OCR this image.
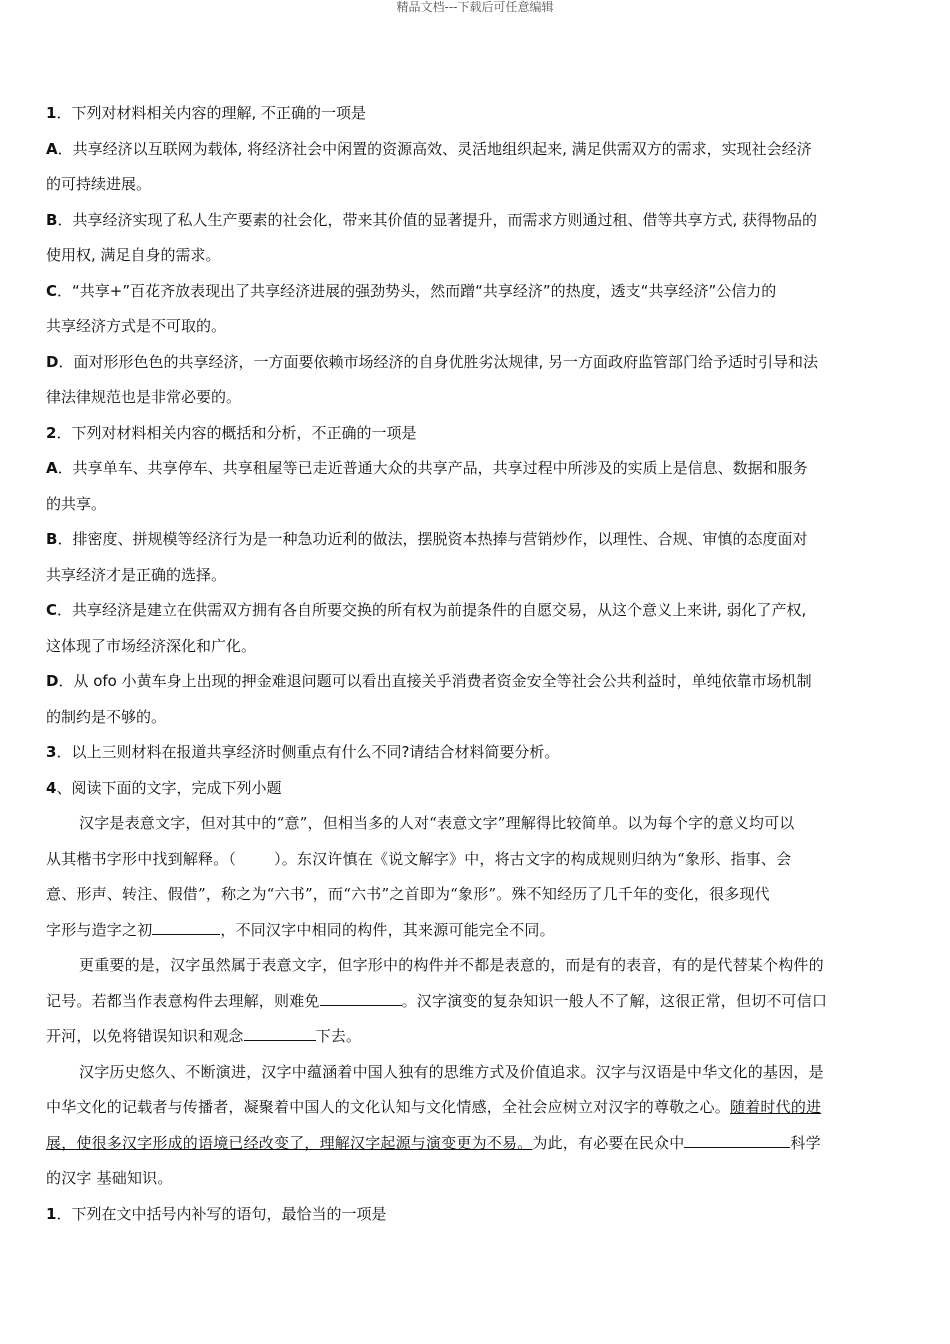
精品文档---下载后可任意编辑
1．下列对材料相关内容的理解, 不正确的一项是
A．共享经济以互联网为载体, 将经济社会中闲置的资源高效、灵活地组织起来, 满足供需双方的需求，实现社会经济
的可持续进展。
B．共享经济实现了私人生产要素的社会化，带来其价值的显著提升，而需求方则通过租、借等共享方式, 获得物品的
使用权, 满足自身的需求。
C．“共享+”百花齐放表现出了共享经济进展的强劲势头，然而蹭“共享经济”的热度，透支“共享经济”公信力的
共享经济方式是不可取的。
D．面对形形色色的共享经济，一方面要依赖市场经济的自身优胜劣汰规律, 另一方面政府监管部门给予适时引导和法
律法律规范也是非常必要的。
2．下列对材料相关内容的概括和分析，不正确的一项是
A．共享单车、共享停车、共享租屋等已走近普通大众的共享产品，共享过程中所涉及的实质上是信息、数据和服务
的共享。
B．排密度、拼规模等经济行为是一种急功近利的做法，摆脱资本热捧与营销炒作，以理性、合规、审慎的态度面对
共享经济才是正确的选择。
C．共享经济是建立在供需双方拥有各自所要交换的所有权为前提条件的自愿交易，从这个意义上来讲, 弱化了产权,
这体现了市场经济深化和广化。
D．从 ofo 小黄车身上出现的押金难退问题可以看出直接关乎消费者资金安全等社会公共利益时，单纯依靠市场机制
的制约是不够的。
3．以上三则材料在报道共享经济时侧重点有什么不同?请结合材料简要分析。
4、阅读下面的文字，完成下列小题
汉字是表意文字，但对其中的“意”，但相当多的人对“表意文字”理解得比较简单。以为每个字的意义均可以
从其楷书字形中找到解释。（	）。东汉许慎在《说文解字》中，将古文字的构成规则归纳为“象形、指事、会
意、形声、转注、假借”，称之为“六书”，而“六书”之首即为“象形”。殊不知经历了几千年的变化，很多现代
字形与造字之初	，不同汉字中相同的构件，其来源可能完全不同。
更重要的是，汉字虽然属于表意文字，但字形中的构件并不都是表意的，而是有的表音，有的是代替某个构件的
记号。若都当作表意构件去理解，则难免	。汉字演变的复杂知识一般人不了解，这很正常，但切不可信口
开河，以免将错误知识和观念	下去。
汉字历史悠久、不断演进，汉字中蕴涵着中国人独有的思维方式及价值追求。汉字与汉语是中华文化的基因，是
中华文化的记载者与传播者，凝聚着中国人的文化认知与文化情感，全社会应树立对汉字的尊敬之心。随着时代的进
展，使很多汉字形成的语境已经改变了，理解汉字起源与演变更为不易。为此，有必要在民众中	科学
的汉字 基础知识。
1．下列在文中括号内补写的语句，最恰当的一项是
